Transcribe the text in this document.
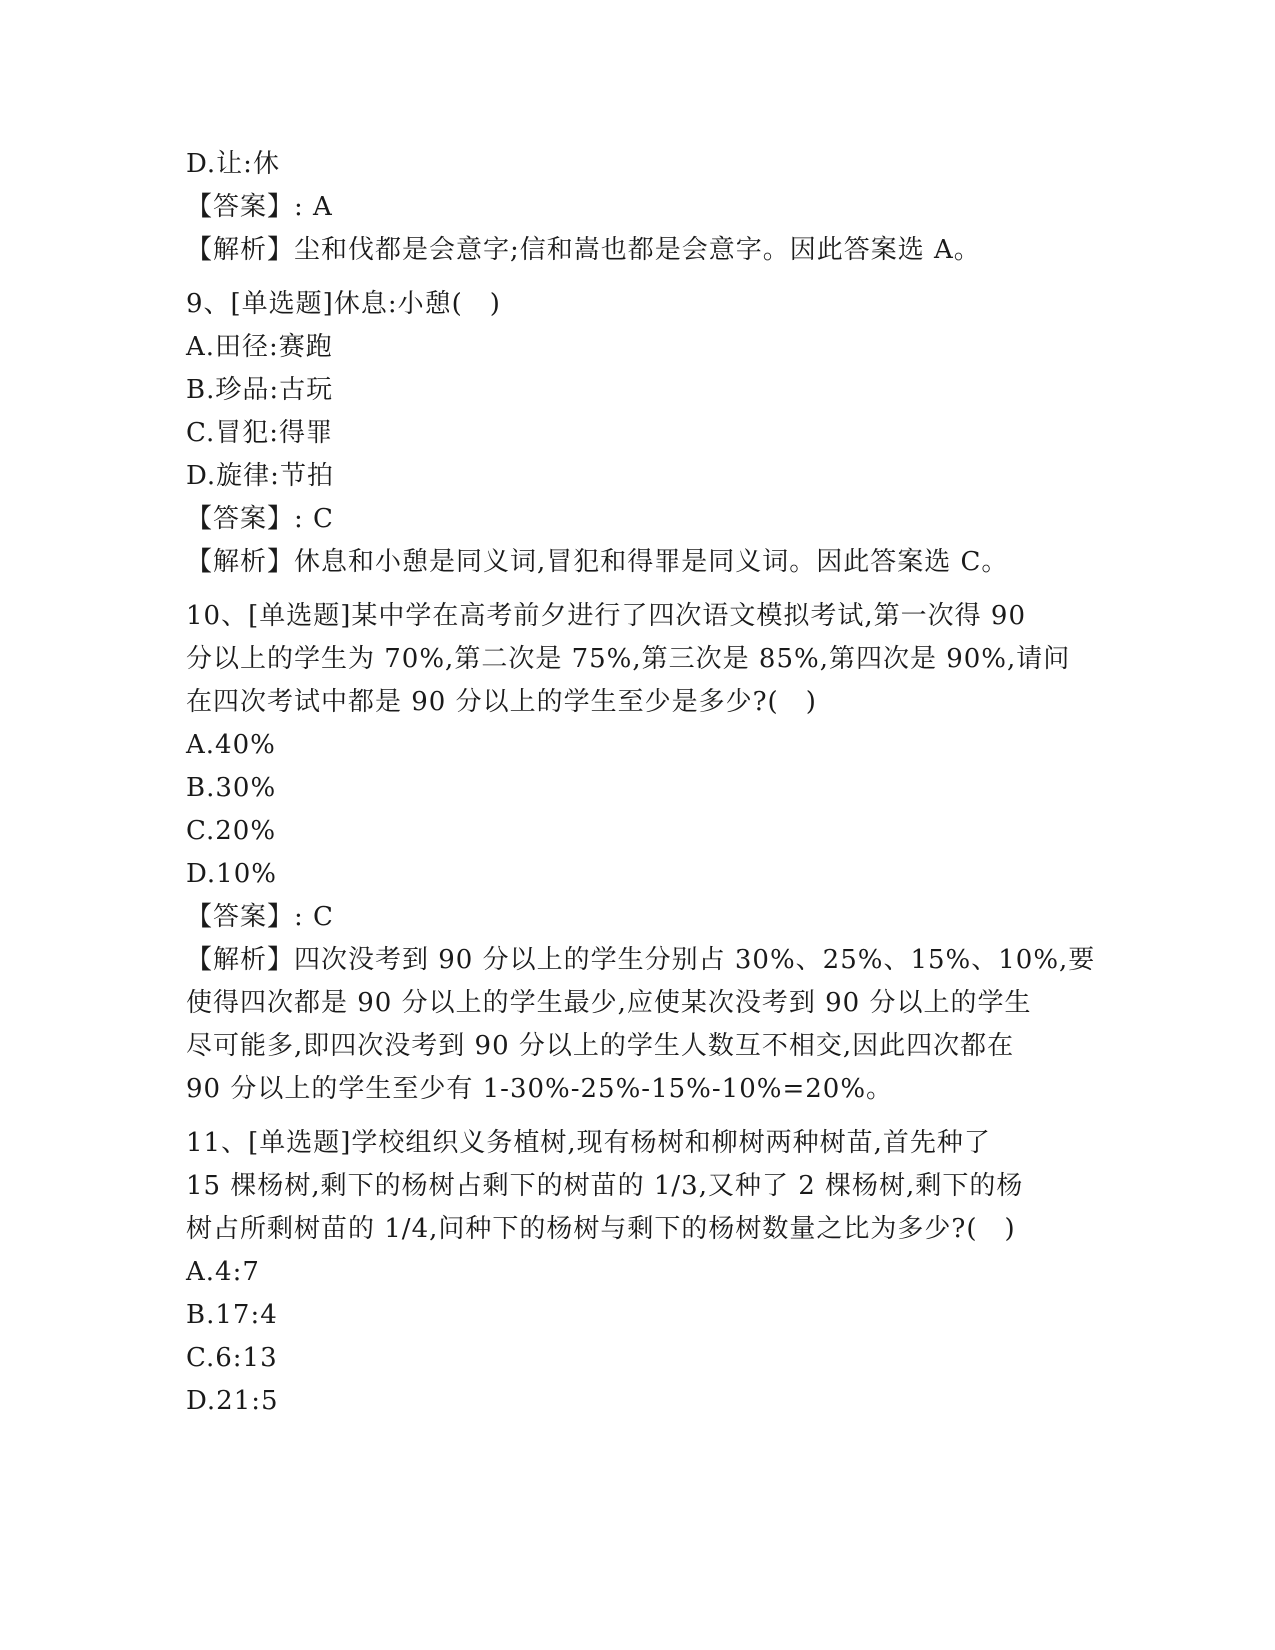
D.让:休
【答案】: A
【解析】尘和伐都是会意字;信和嵩也都是会意字。因此答案选 A。
9、[单选题]休息:小憩(　)
A.田径:赛跑
B.珍品:古玩
C.冒犯:得罪
D.旋律:节拍
【答案】: C
【解析】休息和小憩是同义词,冒犯和得罪是同义词。因此答案选 C。
10、[单选题]某中学在高考前夕进行了四次语文模拟考试,第一次得 90
分以上的学生为 70%,第二次是 75%,第三次是 85%,第四次是 90%,请问
在四次考试中都是 90 分以上的学生至少是多少?(　)
A.40%
B.30%
C.20%
D.10%
【答案】: C
【解析】四次没考到 90 分以上的学生分别占 30%、25%、15%、10%,要
使得四次都是 90 分以上的学生最少,应使某次没考到 90 分以上的学生
尽可能多,即四次没考到 90 分以上的学生人数互不相交,因此四次都在
90 分以上的学生至少有 1-30%-25%-15%-10%=20%。
11、[单选题]学校组织义务植树,现有杨树和柳树两种树苗,首先种了
15 棵杨树,剩下的杨树占剩下的树苗的 1/3,又种了 2 棵杨树,剩下的杨
树占所剩树苗的 1/4,问种下的杨树与剩下的杨树数量之比为多少?(　)
A.4:7
B.17:4
C.6:13
D.21:5
